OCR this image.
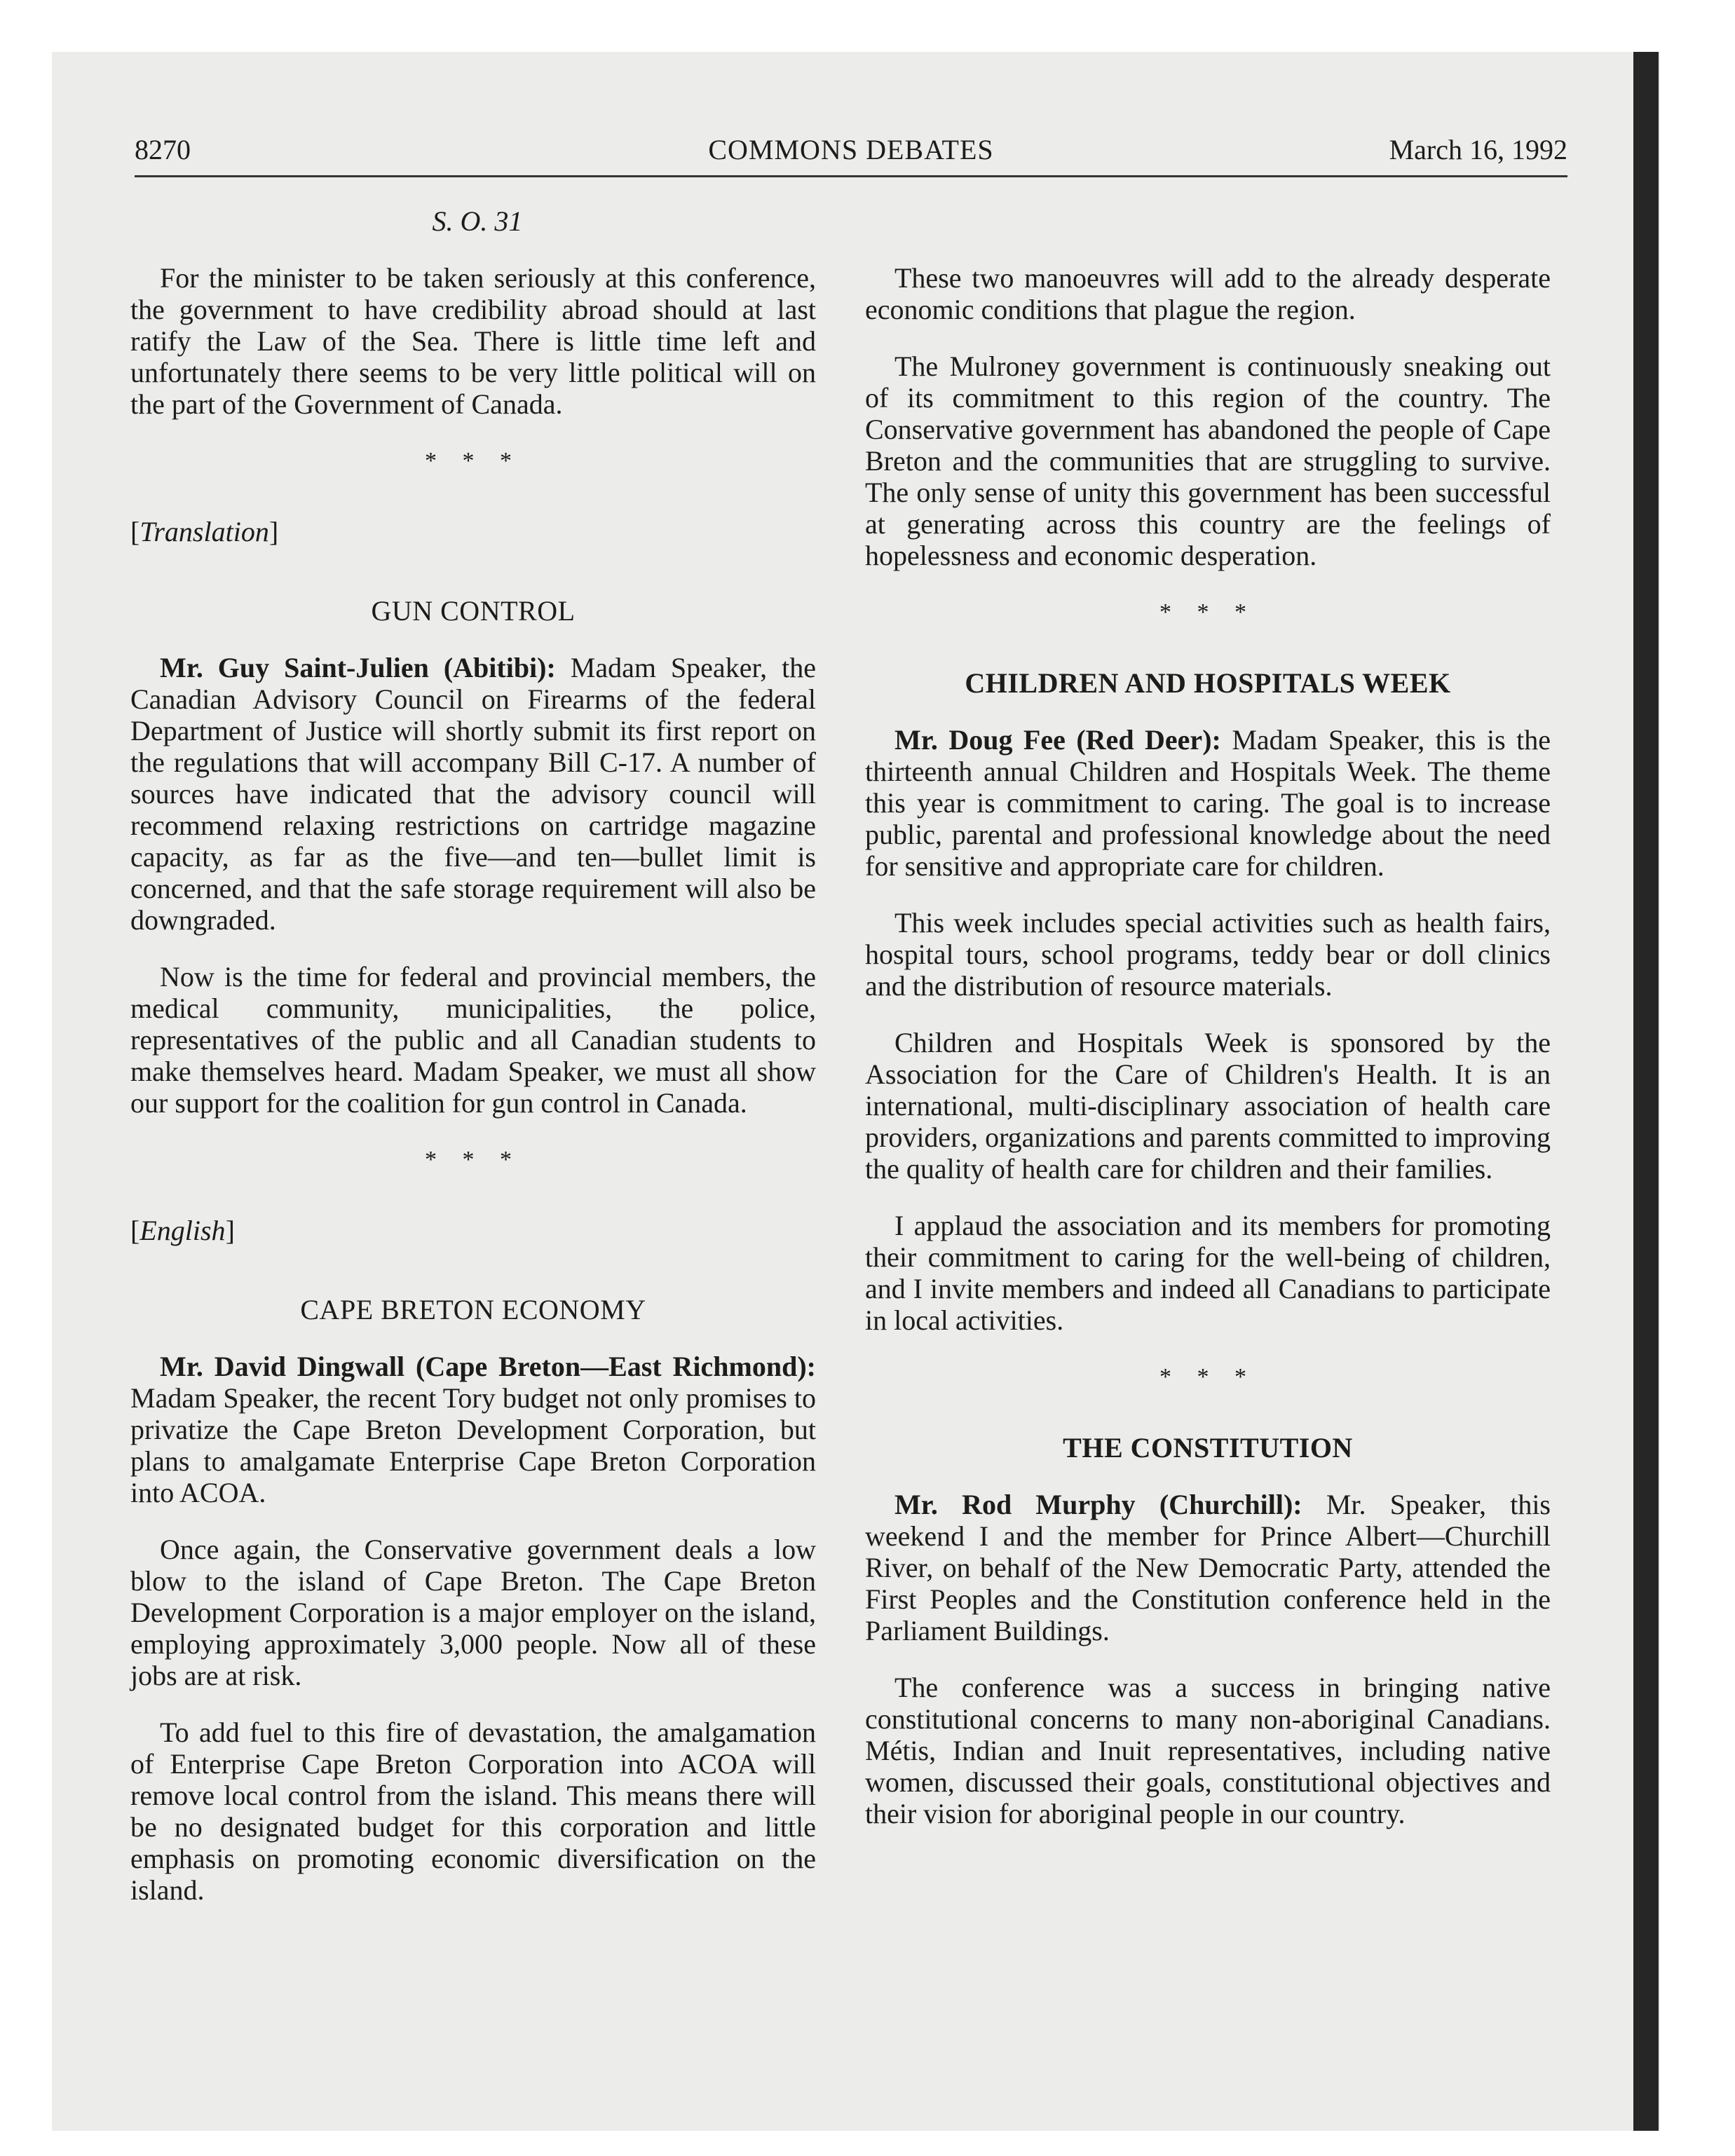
8270	COMMONS DEBATES	March 16, 1992
S. O. 31

For the minister to be taken seriously at this conference, the government to have credibility abroad should at last ratify the Law of the Sea. There is little time left and unfortunately there seems to be very little political will on the part of the Government of Canada.

* * *
[Translation]
GUN CONTROL

Mr. Guy Saint-Julien (Abitibi): Madam Speaker, the Canadian Advisory Council on Firearms of the federal Department of Justice will shortly submit its first report on the regulations that will accompany Bill C-17. A number of sources have indicated that the advisory council will recommend relaxing restrictions on cartridge magazine capacity, as far as the five—and ten—bullet limit is concerned, and that the safe storage requirement will also be downgraded.

Now is the time for federal and provincial members, the medical community, municipalities, the police, representatives of the public and all Canadian students to make themselves heard. Madam Speaker, we must all show our support for the coalition for gun control in Canada.

* * *
[English]
CAPE BRETON ECONOMY

Mr. David Dingwall (Cape Breton—East Richmond): Madam Speaker, the recent Tory budget not only promises to privatize the Cape Breton Development Corporation, but plans to amalgamate Enterprise Cape Breton Corporation into ACOA.

Once again, the Conservative government deals a low blow to the island of Cape Breton. The Cape Breton Development Corporation is a major employer on the island, employing approximately 3,000 people. Now all of these jobs are at risk.

To add fuel to this fire of devastation, the amalgamation of Enterprise Cape Breton Corporation into ACOA will remove local control from the island. This means there will be no designated budget for this corporation and little emphasis on promoting economic diversification on the island.

These two manoeuvres will add to the already desperate economic conditions that plague the region.

The Mulroney government is continuously sneaking out of its commitment to this region of the country. The Conservative government has abandoned the people of Cape Breton and the communities that are struggling to survive. The only sense of unity this government has been successful at generating across this country are the feelings of hopelessness and economic desperation.

* * *
CHILDREN AND HOSPITALS WEEK

Mr. Doug Fee (Red Deer): Madam Speaker, this is the thirteenth annual Children and Hospitals Week. The theme this year is commitment to caring. The goal is to increase public, parental and professional knowledge about the need for sensitive and appropriate care for children.

This week includes special activities such as health fairs, hospital tours, school programs, teddy bear or doll clinics and the distribution of resource materials.

Children and Hospitals Week is sponsored by the Association for the Care of Children's Health. It is an international, multi-disciplinary association of health care providers, organizations and parents committed to improving the quality of health care for children and their families.

I applaud the association and its members for promoting their commitment to caring for the well-being of children, and I invite members and indeed all Canadians to participate in local activities.

* * *
THE CONSTITUTION

Mr. Rod Murphy (Churchill): Mr. Speaker, this weekend I and the member for Prince Albert—Churchill River, on behalf of the New Democratic Party, attended the First Peoples and the Constitution conference held in the Parliament Buildings.

The conference was a success in bringing native constitutional concerns to many non-aboriginal Canadians. Métis, Indian and Inuit representatives, including native women, discussed their goals, constitutional objectives and their vision for aboriginal people in our country.
